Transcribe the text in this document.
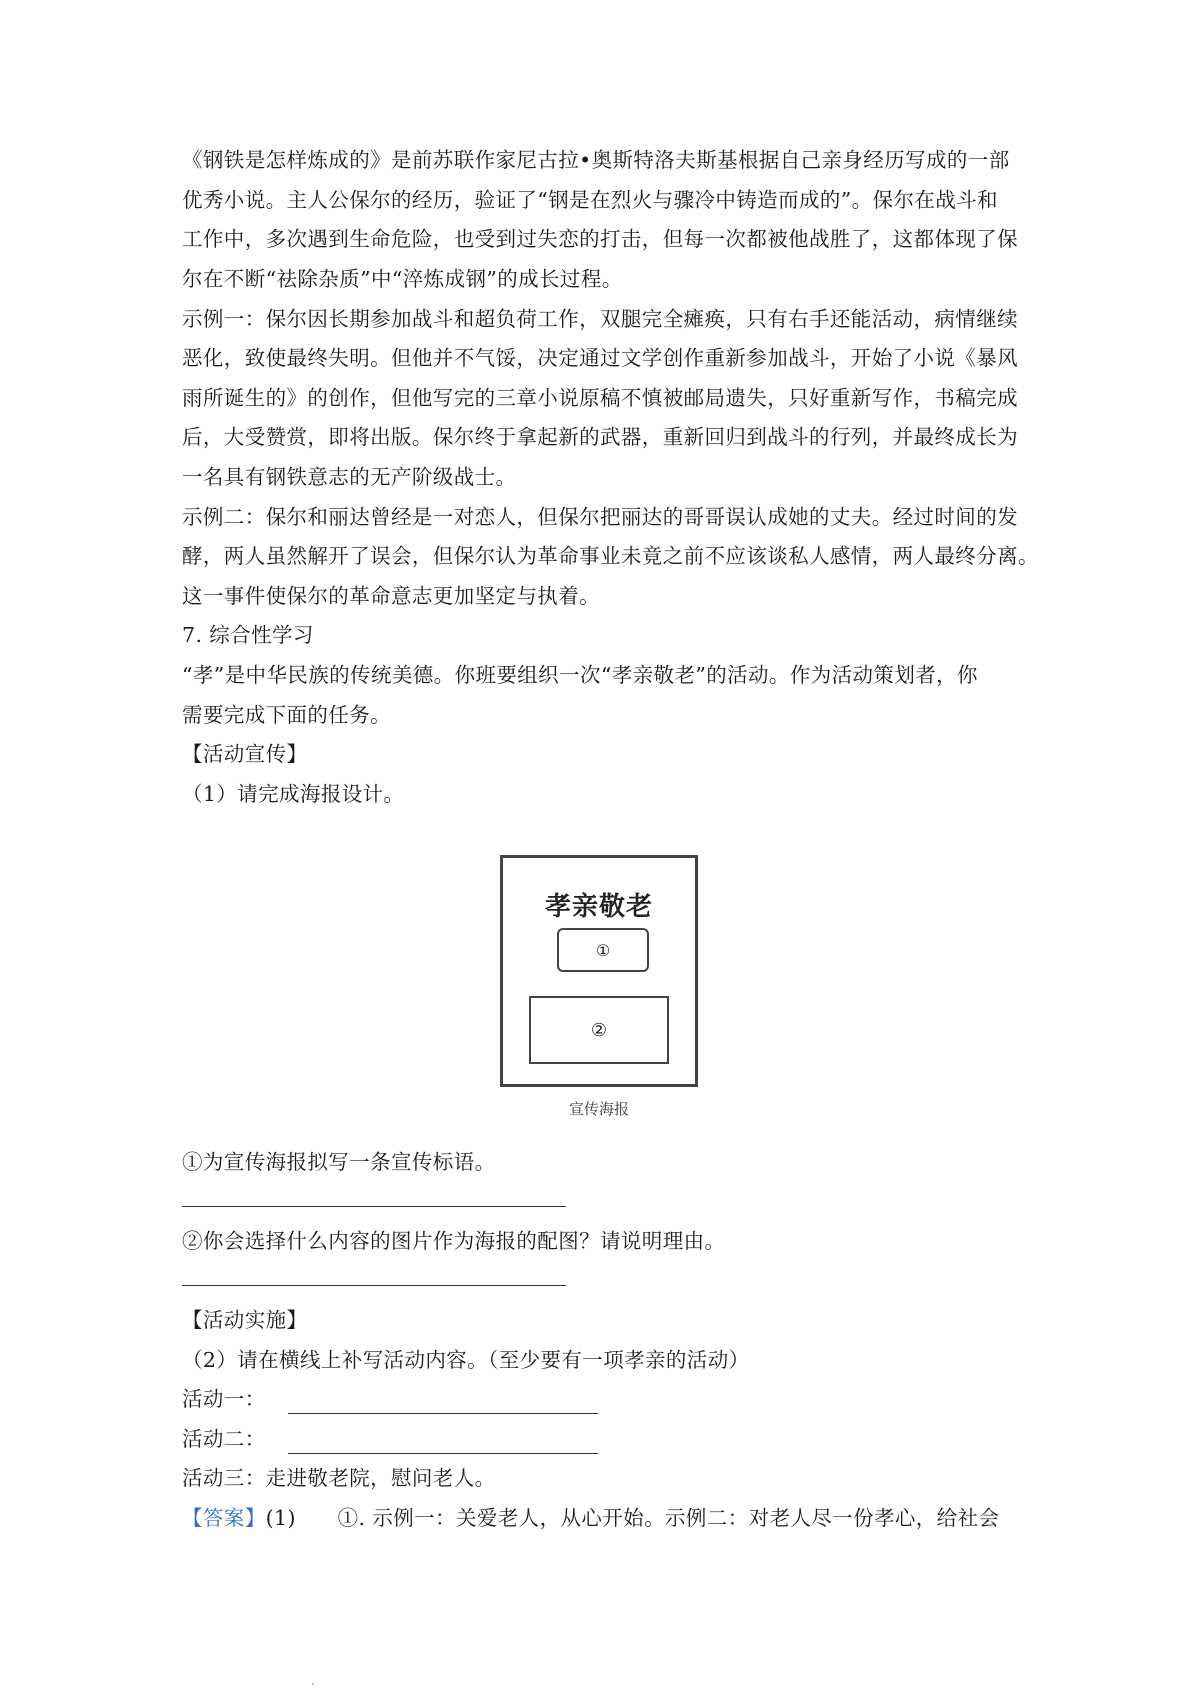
《钢铁是怎样炼成的》是前苏联作家尼古拉•奥斯特洛夫斯基根据自己亲身经历写成的一部
优秀小说。主人公保尔的经历，验证了“钢是在烈火与骤冷中铸造而成的”。保尔在战斗和
工作中，多次遇到生命危险，也受到过失恋的打击，但每一次都被他战胜了，这都体现了保
尔在不断“祛除杂质”中“淬炼成钢”的成长过程。
示例一：保尔因长期参加战斗和超负荷工作，双腿完全瘫痪，只有右手还能活动，病情继续
恶化，致使最终失明。但他并不气馁，决定通过文学创作重新参加战斗，开始了小说《暴风
雨所诞生的》的创作，但他写完的三章小说原稿不慎被邮局遗失，只好重新写作，书稿完成
后，大受赞赏，即将出版。保尔终于拿起新的武器，重新回归到战斗的行列，并最终成长为
一名具有钢铁意志的无产阶级战士。
示例二：保尔和丽达曾经是一对恋人，但保尔把丽达的哥哥误认成她的丈夫。经过时间的发
酵，两人虽然解开了误会，但保尔认为革命事业未竟之前不应该谈私人感情，两人最终分离。
这一事件使保尔的革命意志更加坚定与执着。
7. 综合性学习
“孝”是中华民族的传统美德。你班要组织一次“孝亲敬老”的活动。作为活动策划者，你
需要完成下面的任务。
【活动宣传】
（1）请完成海报设计。
孝亲敬老
①
②
宣传海报
①为宣传海报拟写一条宣传标语。
②你会选择什么内容的图片作为海报的配图？请说明理由。
【活动实施】
（2）请在横线上补写活动内容。（至少要有一项孝亲的活动）
活动一：
活动二：
活动三：走进敬老院，慰问老人。
【答案】(1)　　①. 示例一：关爱老人，从心开始。示例二：对老人尽一份孝心，给社会
